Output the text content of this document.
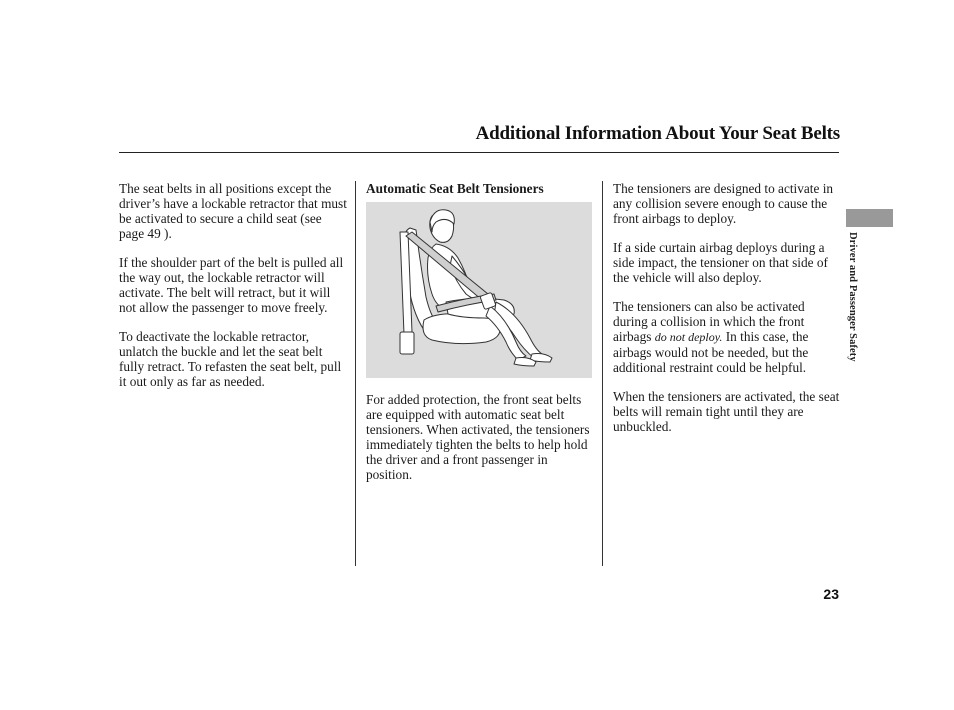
Additional Information About Your Seat Belts

The seat belts in all positions except the driver’s have a lockable retractor that must be activated to secure a child seat (see page 49 ).

If the shoulder part of the belt is pulled all the way out, the lockable retractor will activate. The belt will retract, but it will not allow the passenger to move freely.

To deactivate the lockable retractor, unlatch the buckle and let the seat belt fully retract. To refasten the seat belt, pull it out only as far as needed.

Automatic Seat Belt Tensioners

For added protection, the front seat belts are equipped with automatic seat belt tensioners. When activated, the tensioners immediately tighten the belts to help hold the driver and a front passenger in position.

The tensioners are designed to activate in any collision severe enough to cause the front airbags to deploy.

If a side curtain airbag deploys during a side impact, the tensioner on that side of the vehicle will also deploy.

The tensioners can also be activated during a collision in which the front airbags do not deploy. In this case, the airbags would not be needed, but the additional restraint could be helpful.

When the tensioners are activated, the seat belts will remain tight until they are unbuckled.

Driver and Passenger Safety
23
